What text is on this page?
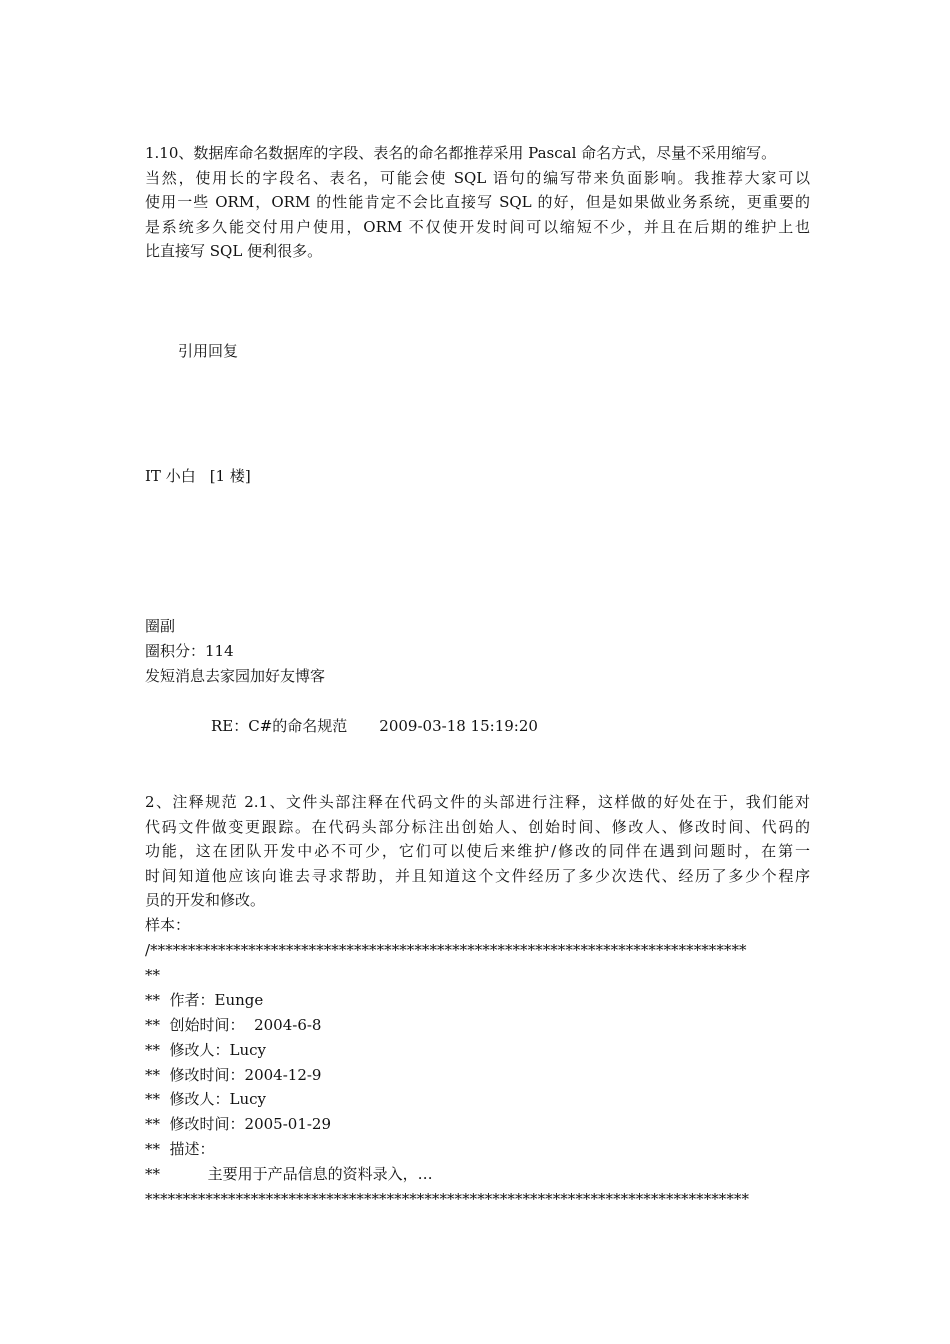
1.10、数据库命名数据库的字段、表名的命名都推荐采用 Pascal 命名方式，尽量不采用缩写。
当然，使用长的字段名、表名，可能会使 SQL 语句的编写带来负面影响。我推荐大家可以
使用一些 ORM，ORM 的性能肯定不会比直接写 SQL 的好，但是如果做业务系统，更重要的
是系统多久能交付用户使用，ORM 不仅使开发时间可以缩短不少，并且在后期的维护上也
比直接写 SQL 便利很多。
引用回复
IT 小白 [1 楼]
圈副
圈积分：114
发短消息去家园加好友博客
RE：C#的命名规范 2009-03-18 15:19:20
2、注释规范 2.1、文件头部注释在代码文件的头部进行注释，这样做的好处在于，我们能对
代码文件做变更跟踪。在代码头部分标注出创始人、创始时间、修改人、修改时间、代码的
功能，这在团队开发中必不可少，它们可以使后来维护/修改的同伴在遇到问题时，在第一
时间知道他应该向谁去寻求帮助，并且知道这个文件经历了多少次迭代、经历了多少个程序
员的开发和修改。
样本：
/*******************************************************************************
**
**  作者：Eunge
**  创始时间：  2004-6-8
**  修改人：Lucy
**  修改时间：2004-12-9
**  修改人：Lucy
**  修改时间：2005-01-29
**  描述：
**          主要用于产品信息的资料录入，…
********************************************************************************
